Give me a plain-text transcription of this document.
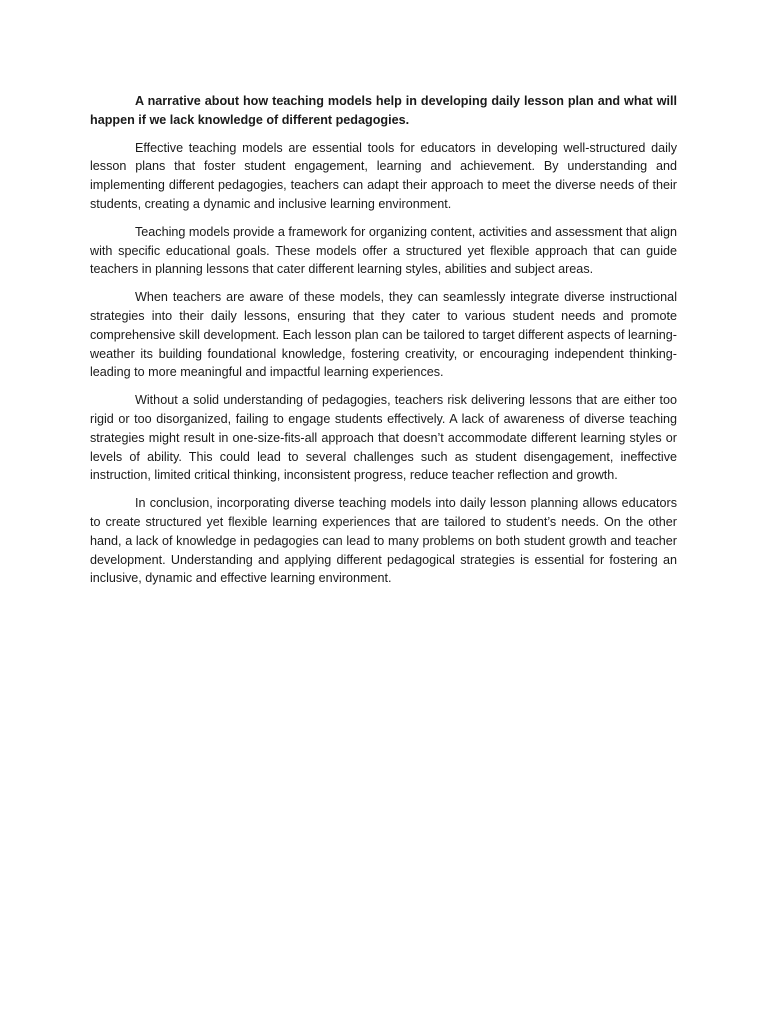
A narrative about how teaching models help in developing daily lesson plan and what will happen if we lack knowledge of different pedagogies.

Effective teaching models are essential tools for educators in developing well-structured daily lesson plans that foster student engagement, learning and achievement. By understanding and implementing different pedagogies, teachers can adapt their approach to meet the diverse needs of their students, creating a dynamic and inclusive learning environment.

Teaching models provide a framework for organizing content, activities and assessment that align with specific educational goals. These models offer a structured yet flexible approach that can guide teachers in planning lessons that cater different learning styles, abilities and subject areas.

When teachers are aware of these models, they can seamlessly integrate diverse instructional strategies into their daily lessons, ensuring that they cater to various student needs and promote comprehensive skill development. Each lesson plan can be tailored to target different aspects of learning-weather its building foundational knowledge, fostering creativity, or encouraging independent thinking-leading to more meaningful and impactful learning experiences.

Without a solid understanding of pedagogies, teachers risk delivering lessons that are either too rigid or too disorganized, failing to engage students effectively. A lack of awareness of diverse teaching strategies might result in one-size-fits-all approach that doesn’t accommodate different learning styles or levels of ability. This could lead to several challenges such as student disengagement, ineffective instruction, limited critical thinking, inconsistent progress, reduce teacher reflection and growth.

In conclusion, incorporating diverse teaching models into daily lesson planning allows educators to create structured yet flexible learning experiences that are tailored to student’s needs. On the other hand, a lack of knowledge in pedagogies can lead to many problems on both student growth and teacher development. Understanding and applying different pedagogical strategies is essential for fostering an inclusive, dynamic and effective learning environment.
